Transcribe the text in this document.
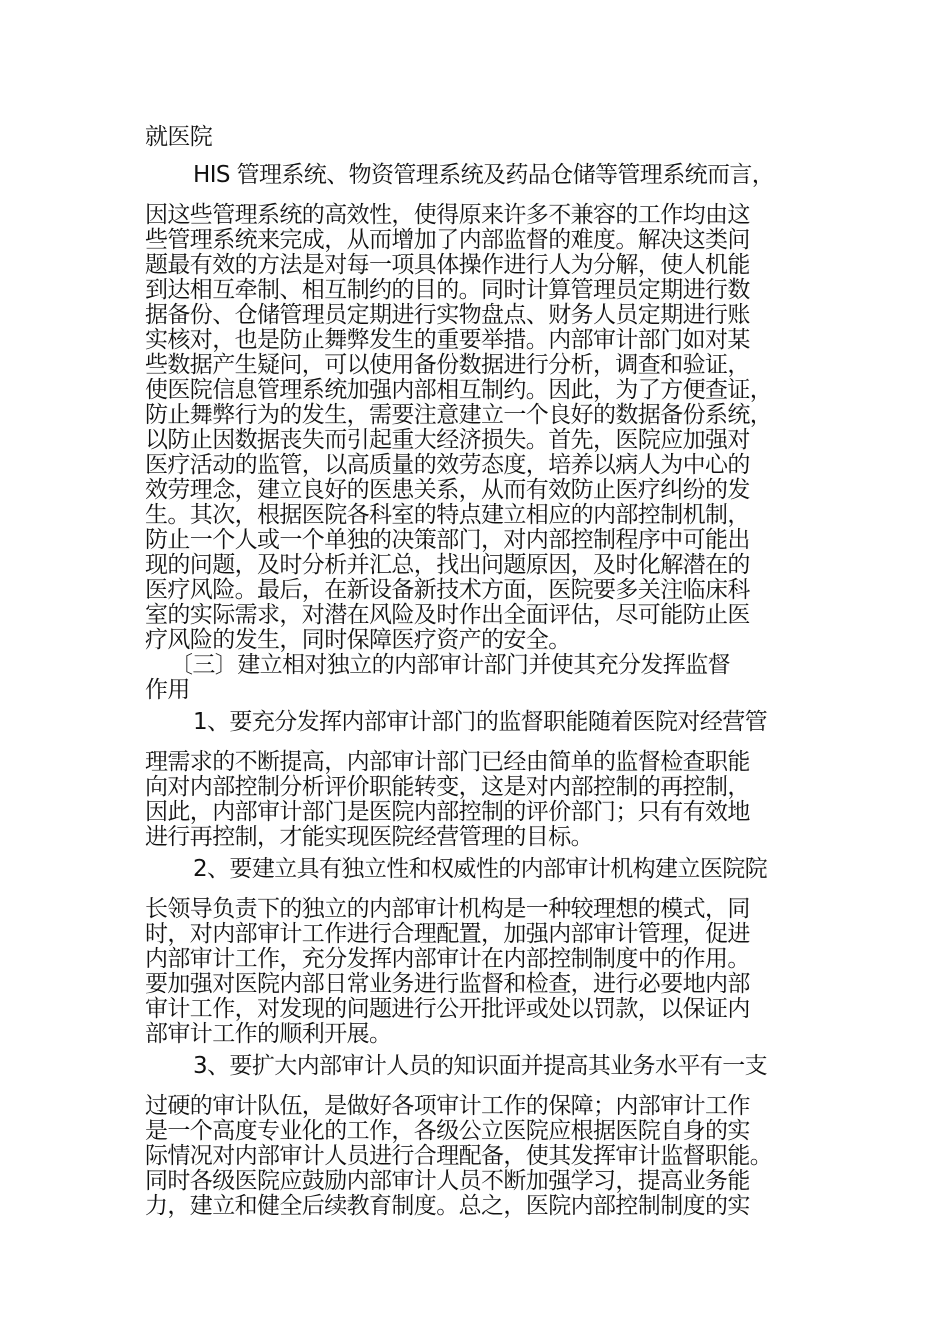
就医院
HIS 管理系统、物资管理系统及药品仓储等管理系统而言，
因这些管理系统的高效性，使得原来许多不兼容的工作均由这
些管理系统来完成，从而增加了内部监督的难度。解决这类问
题最有效的方法是对每一项具体操作进行人为分解，使人机能
到达相互牵制、相互制约的目的。同时计算管理员定期进行数
据备份、仓储管理员定期进行实物盘点、财务人员定期进行账
实核对，也是防止舞弊发生的重要举措。内部审计部门如对某
些数据产生疑问，可以使用备份数据进行分析，调查和验证，
使医院信息管理系统加强内部相互制约。因此，为了方便查证，
防止舞弊行为的发生，需要注意建立一个良好的数据备份系统，
以防止因数据丧失而引起重大经济损失。首先，医院应加强对
医疗活动的监管，以高质量的效劳态度，培养以病人为中心的
效劳理念，建立良好的医患关系，从而有效防止医疗纠纷的发
生。其次，根据医院各科室的特点建立相应的内部控制机制，
防止一个人或一个单独的决策部门，对内部控制程序中可能出
现的问题，及时分析并汇总，找出问题原因，及时化解潜在的
医疗风险。最后，在新设备新技术方面，医院要多关注临床科
室的实际需求，对潜在风险及时作出全面评估，尽可能防止医
疗风险的发生，同时保障医疗资产的安全。
〔三〕建立相对独立的内部审计部门并使其充分发挥监督
作用
1、要充分发挥内部审计部门的监督职能随着医院对经营管
理需求的不断提高，内部审计部门已经由简单的监督检查职能
向对内部控制分析评价职能转变，这是对内部控制的再控制，
因此，内部审计部门是医院内部控制的评价部门；只有有效地
进行再控制，才能实现医院经营管理的目标。
2、要建立具有独立性和权威性的内部审计机构建立医院院
长领导负责下的独立的内部审计机构是一种较理想的模式，同
时，对内部审计工作进行合理配置，加强内部审计管理，促进
内部审计工作，充分发挥内部审计在内部控制制度中的作用。
要加强对医院内部日常业务进行监督和检查，进行必要地内部
审计工作，对发现的问题进行公开批评或处以罚款，以保证内
部审计工作的顺利开展。
3、要扩大内部审计人员的知识面并提高其业务水平有一支
过硬的审计队伍，是做好各项审计工作的保障；内部审计工作
是一个高度专业化的工作，各级公立医院应根据医院自身的实
际情况对内部审计人员进行合理配备，使其发挥审计监督职能。
同时各级医院应鼓励内部审计人员不断加强学习，提高业务能
力，建立和健全后续教育制度。总之，医院内部控制制度的实
